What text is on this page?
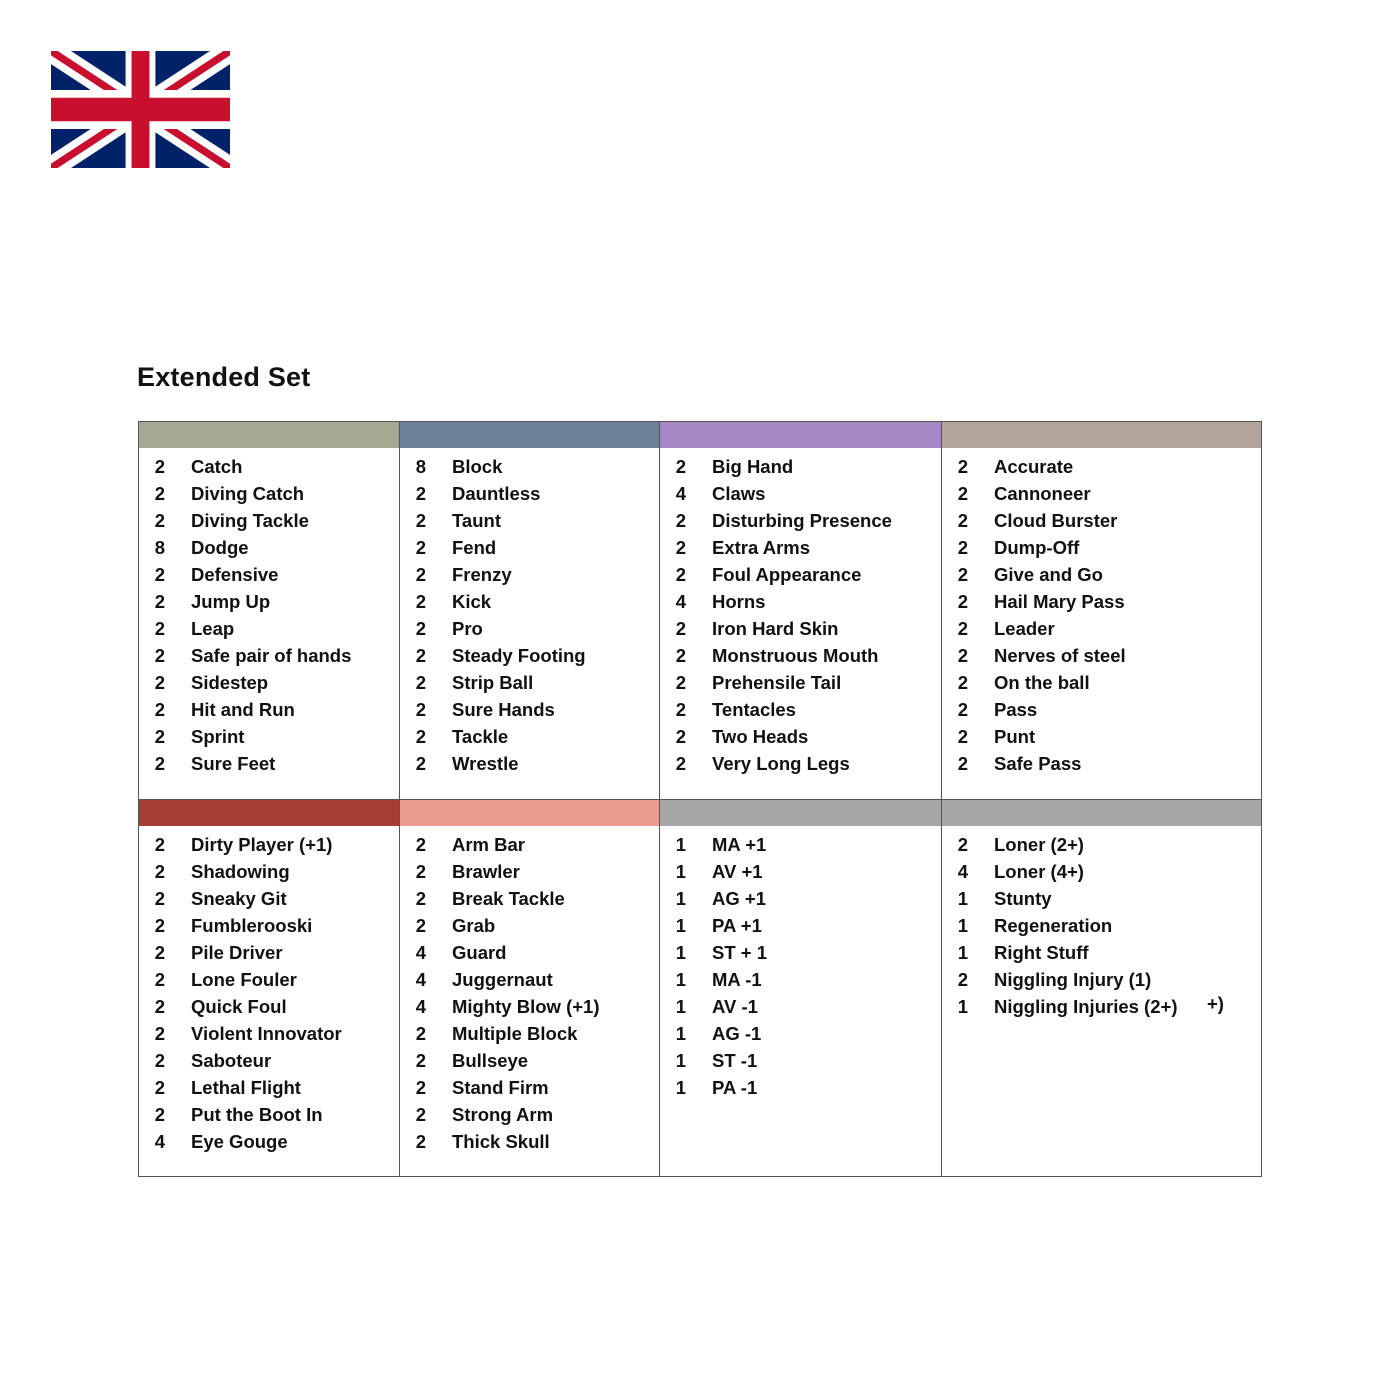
Extended Set
2 Catch
2 Diving Catch
2 Diving Tackle
8 Dodge
2 Defensive
2 Jump Up
2 Leap
2 Safe pair of hands
2 Sidestep
2 Hit and Run
2 Sprint
2 Sure Feet
8 Block
2 Dauntless
2 Taunt
2 Fend
2 Frenzy
2 Kick
2 Pro
2 Steady Footing
2 Strip Ball
2 Sure Hands
2 Tackle
2 Wrestle
2 Big Hand
4 Claws
2 Disturbing Presence
2 Extra Arms
2 Foul Appearance
4 Horns
2 Iron Hard Skin
2 Monstruous Mouth
2 Prehensile Tail
2 Tentacles
2 Two Heads
2 Very Long Legs
2 Accurate
2 Cannoneer
2 Cloud Burster
2 Dump-Off
2 Give and Go
2 Hail Mary Pass
2 Leader
2 Nerves of steel
2 On the ball
2 Pass
2 Punt
2 Safe Pass
2 Dirty Player (+1)
2 Shadowing
2 Sneaky Git
2 Fumblerooski
2 Pile Driver
2 Lone Fouler
2 Quick Foul
2 Violent Innovator
2 Saboteur
2 Lethal Flight
2 Put the Boot In
4 Eye Gouge
2 Arm Bar
2 Brawler
2 Break Tackle
2 Grab
4 Guard
4 Juggernaut
4 Mighty Blow (+1)
2 Multiple Block
2 Bullseye
2 Stand Firm
2 Strong Arm
2 Thick Skull
1 MA +1
1 AV +1
1 AG +1
1 PA +1
1 ST + 1
1 MA -1
1 AV -1
1 AG -1
1 ST -1
1 PA -1
2 Loner (2+)
4 Loner (4+)
1 Stunty
1 Regeneration
1 Right Stuff
2 Niggling Injury (1)
1 Niggling Injuries (2+)	+)
